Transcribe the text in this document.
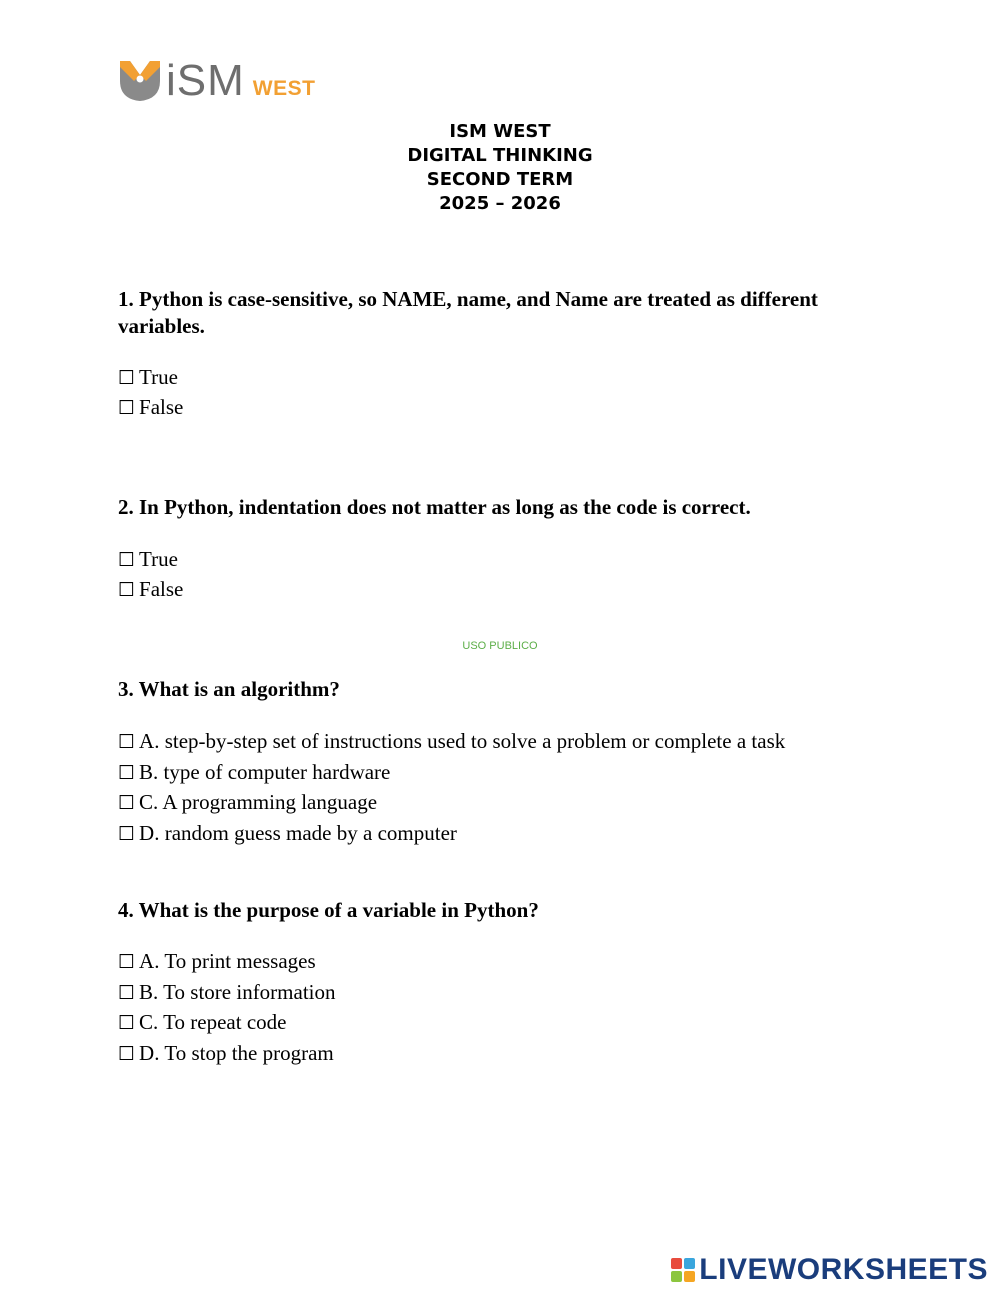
iSM WEST
ISM WEST
DIGITAL THINKING
SECOND TERM
2025 – 2026
1. Python is case-sensitive, so NAME, name, and Name are treated as different variables.
☐ True
☐ False
2. In Python, indentation does not matter as long as the code is correct.
☐ True
☐ False
USO PUBLICO
3. What is an algorithm?
☐ A. step-by-step set of instructions used to solve a problem or complete a task
☐ B. type of computer hardware
☐ C. A programming language
☐ D. random guess made by a computer
4. What is the purpose of a variable in Python?
☐ A. To print messages
☐ B. To store information
☐ C. To repeat code
☐ D. To stop the program
LIVEWORKSHEETS
